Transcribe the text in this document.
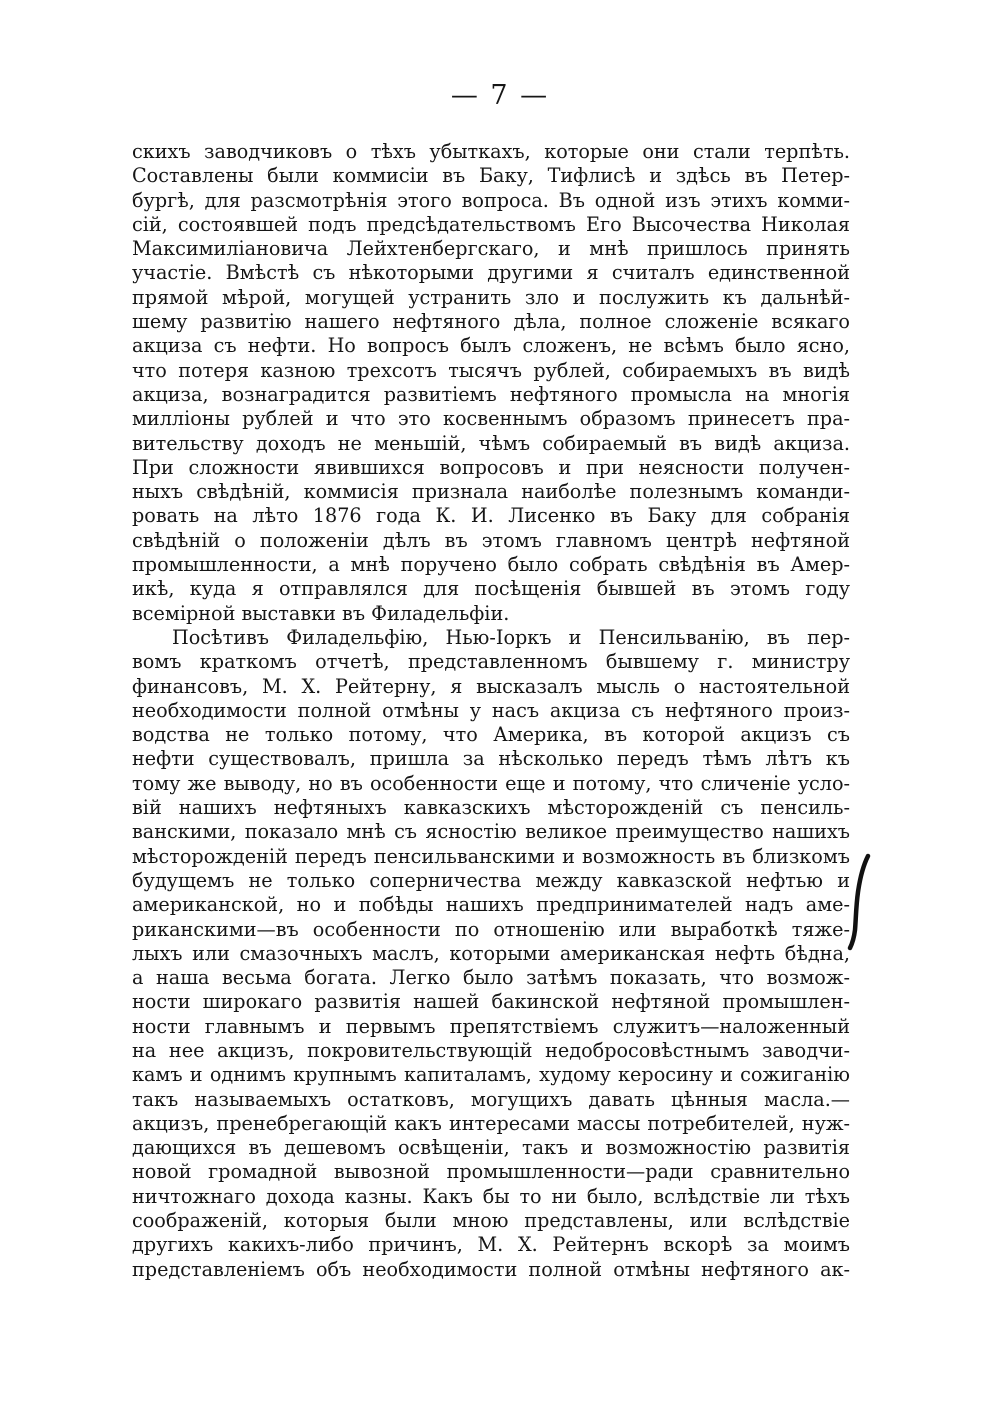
— 7 —
скихъ заводчиковъ о тѣхъ убыткахъ, которые они стали терпѣть.
Составлены были коммисіи въ Баку, Тифлисѣ и здѣсь въ Петер-
бургѣ, для разсмотрѣнія этого вопроса. Въ одной изъ этихъ комми-
сій, состоявшей подъ предсѣдательствомъ Его Высочества Николая
Максимиліановича Лейхтенбергскаго, и мнѣ пришлось принять
участіе. Вмѣстѣ съ нѣкоторыми другими я считалъ единственной
прямой мѣрой, могущей устранить зло и послужить къ дальнѣй-
шему развитію нашего нефтяного дѣла, полное сложеніе всякаго
акциза съ нефти. Но вопросъ былъ сложенъ, не всѣмъ было ясно,
что потеря казною трехсотъ тысячъ рублей, собираемыхъ въ видѣ
акциза, вознаградится развитіемъ нефтяного промысла на многія
милліоны рублей и что это косвеннымъ образомъ принесетъ пра-
вительству доходъ не меньшій, чѣмъ собираемый въ видѣ акциза.
При сложности явившихся вопросовъ и при неясности получен-
ныхъ свѣдѣній, коммисія признала наиболѣе полезнымъ команди-
ровать на лѣто 1876 года К. И. Лисенко въ Баку для собранія
свѣдѣній о положеніи дѣлъ въ этомъ главномъ центрѣ нефтяной
промышленности, а мнѣ поручено было собрать свѣдѣнія въ Амер-
икѣ, куда я отправлялся для посѣщенія бывшей въ этомъ году
всемірной выставки въ Филадельфіи.
Посѣтивъ Филадельфію, Нью-Іоркъ и Пенсильванію, въ пер-
вомъ краткомъ отчетѣ, представленномъ бывшему г. министру
финансовъ, М. X. Рейтерну, я высказалъ мысль о настоятельной
необходимости полной отмѣны у насъ акциза съ нефтяного произ-
водства не только потому, что Америка, въ которой акцизъ съ
нефти существовалъ, пришла за нѣсколько передъ тѣмъ лѣтъ къ
тому же выводу, но въ особенности еще и потому, что сличеніе усло-
вій нашихъ нефтяныхъ кавказскихъ мѣсторожденій съ пенсиль-
ванскими, показало мнѣ съ ясностію великое преимущество нашихъ
мѣсторожденій передъ пенсильванскими и возможность въ близкомъ
будущемъ не только соперничества между кавказской нефтью и
американской, но и побѣды нашихъ предпринимателей надъ аме-
риканскими—въ особенности по отношенію или выработкѣ тяже-
лыхъ или смазочныхъ маслъ, которыми американская нефть бѣдна,
а наша весьма богата. Легко было затѣмъ показать, что возмож-
ности широкаго развитія нашей бакинской нефтяной промышлен-
ности главнымъ и первымъ препятствіемъ служитъ—наложенный
на нее акцизъ, покровительствующій недобросовѣстнымъ заводчи-
камъ и однимъ крупнымъ капиталамъ, худому керосину и сожиганію
такъ называемыхъ остатковъ, могущихъ давать цѣнныя масла.—
акцизъ, пренебрегающій какъ интересами массы потребителей, нуж-
дающихся въ дешевомъ освѣщеніи, такъ и возможностію развитія
новой громадной вывозной промышленности—ради сравнительно
ничтожнаго дохода казны. Какъ бы то ни было, вслѣдствіе ли тѣхъ
соображеній, которыя были мною представлены, или вслѣдствіе
другихъ какихъ-либо причинъ, М. X. Рейтернъ вскорѣ за моимъ
представленіемъ объ необходимости полной отмѣны нефтяного ак-
